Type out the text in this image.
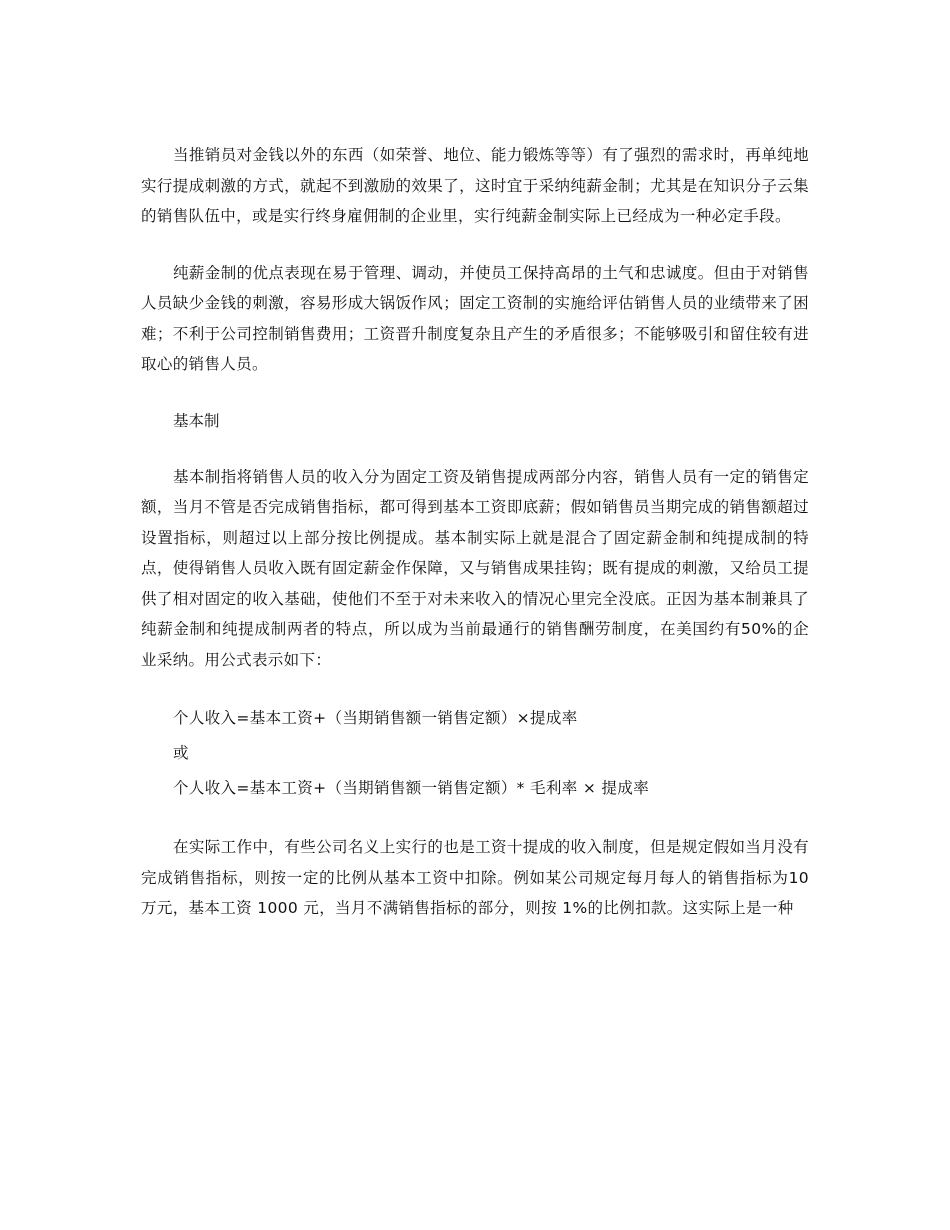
当推销员对金钱以外的东西（如荣誉、地位、能力锻炼等等）有了强烈的需求时，再单纯地实行提成刺激的方式，就起不到激励的效果了，这时宜于采纳纯薪金制；尤其是在知识分子云集的销售队伍中，或是实行终身雇佣制的企业里，实行纯薪金制实际上已经成为一种必定手段。

纯薪金制的优点表现在易于管理、调动，并使员工保持高昂的土气和忠诚度。但由于对销售人员缺少金钱的刺激，容易形成大锅饭作风；固定工资制的实施给评估销售人员的业绩带来了困难；不利于公司控制销售费用；工资晋升制度复杂且产生的矛盾很多；不能够吸引和留住较有进取心的销售人员。

基本制

基本制指将销售人员的收入分为固定工资及销售提成两部分内容，销售人员有一定的销售定额，当月不管是否完成销售指标，都可得到基本工资即底薪；假如销售员当期完成的销售额超过设置指标，则超过以上部分按比例提成。基本制实际上就是混合了固定薪金制和纯提成制的特点，使得销售人员收入既有固定薪金作保障，又与销售成果挂钩；既有提成的刺激，又给员工提供了相对固定的收入基础，使他们不至于对未来收入的情况心里完全没底。正因为基本制兼具了纯薪金制和纯提成制两者的特点，所以成为当前最通行的销售酬劳制度，在美国约有50%的企业采纳。用公式表示如下：

个人收入=基本工资+（当期销售额一销售定额）×提成率
或
个人收入=基本工资+（当期销售额一销售定额）* 毛利率 × 提成率

在实际工作中，有些公司名义上实行的也是工资十提成的收入制度，但是规定假如当月没有完成销售指标，则按一定的比例从基本工资中扣除。例如某公司规定每月每人的销售指标为10 万元，基本工资 1000 元，当月不满销售指标的部分，则按 1%的比例扣款。这实际上是一种
